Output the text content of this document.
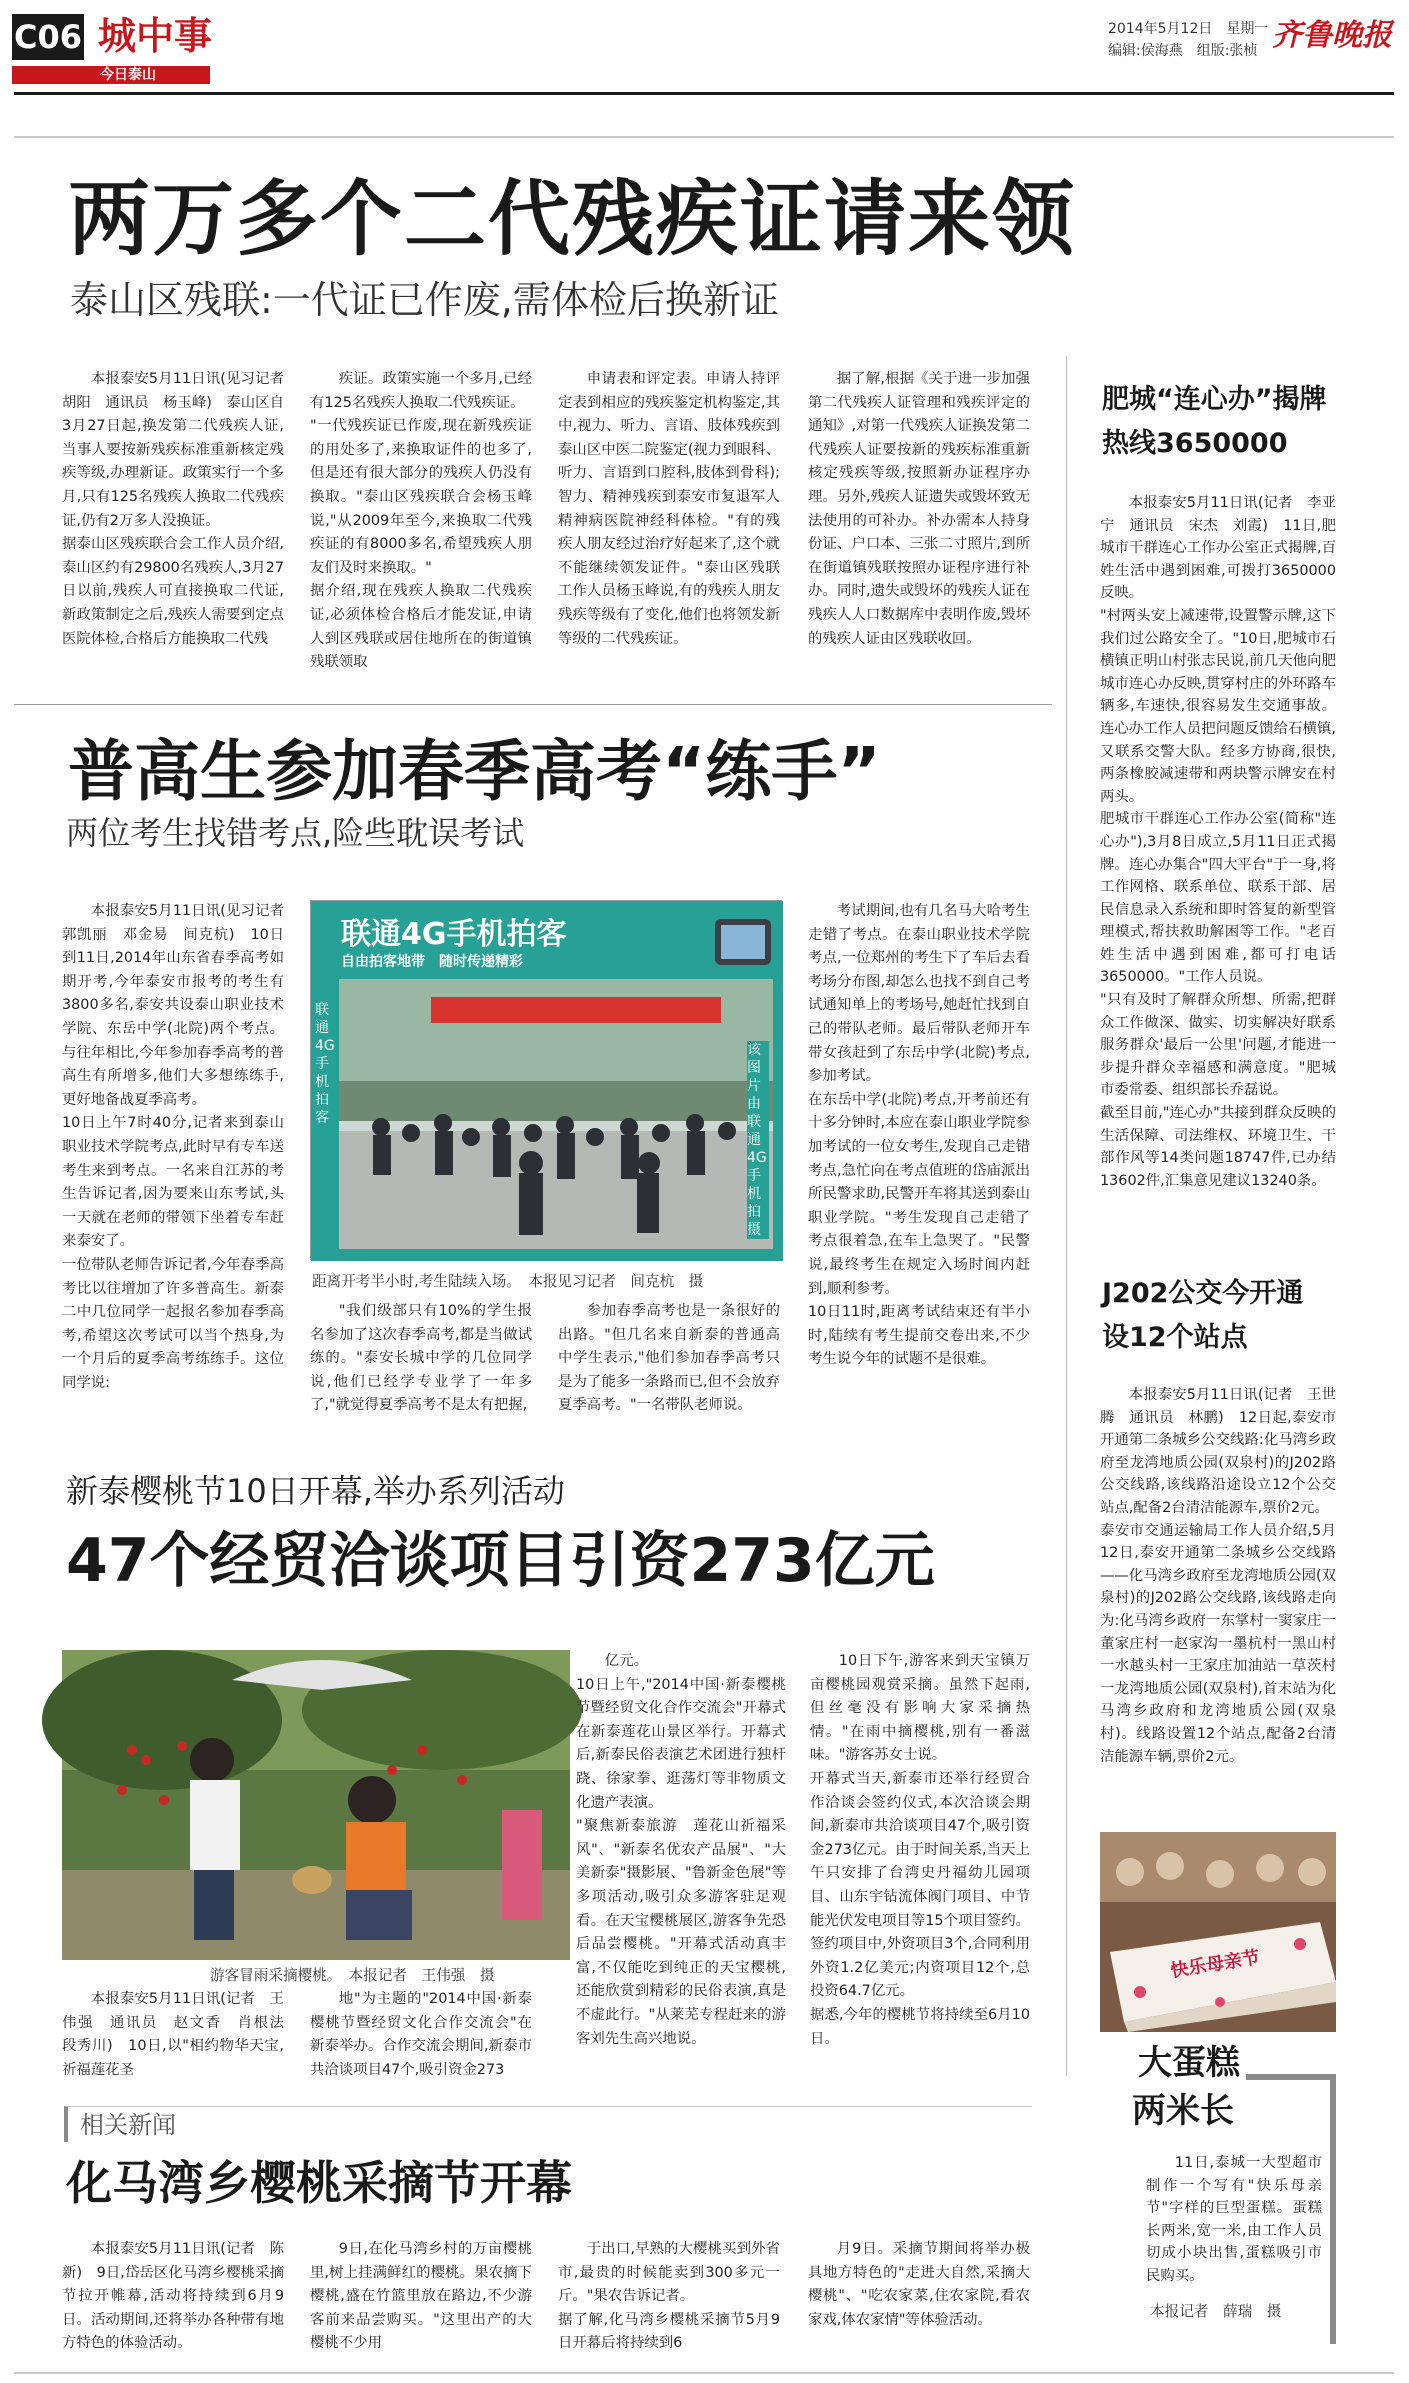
C06 城中事
今日泰山
2014年5月12日　星期一
编辑:侯海燕　组版:张桢 齐鲁晚报
两万多个二代残疾证请来领
泰山区残联:一代证已作废,需体检后换新证
本报泰安5月11日讯(见习记者　胡阳　通讯员　杨玉峰)　泰山区自3月27日起,换发第二代残疾人证,当事人要按新残疾标准重新核定残疾等级,办理新证。政策实行一个多月,只有125名残疾人换取二代残疾证,仍有2万多人没换证。
据泰山区残疾联合会工作人员介绍,泰山区约有29800名残疾人,3月27日以前,残疾人可直接换取二代证,新政策制定之后,残疾人需要到定点医院体检,合格后方能换取二代残
疾证。政策实施一个多月,已经有125名残疾人换取二代残疾证。
"一代残疾证已作废,现在新残疾证的用处多了,来换取证件的也多了,但是还有很大部分的残疾人仍没有换取。"泰山区残疾联合会杨玉峰说,"从2009年至今,来换取二代残疾证的有8000多名,希望残疾人朋友们及时来换取。"
据介绍,现在残疾人换取二代残疾证,必须体检合格后才能发证,申请人到区残联或居住地所在的街道镇残联领取
申请表和评定表。申请人持评定表到相应的残疾鉴定机构鉴定,其中,视力、听力、言语、肢体残疾到泰山区中医二院鉴定(视力到眼科、听力、言语到口腔科,肢体到骨科);智力、精神残疾到泰安市复退军人精神病医院神经科体检。"有的残疾人朋友经过治疗好起来了,这个就不能继续领发证件。"泰山区残联工作人员杨玉峰说,有的残疾人朋友残疾等级有了变化,他们也将领发新等级的二代残疾证。
据了解,根据《关于进一步加强第二代残疾人证管理和残疾评定的通知》,对第一代残疾人证换发第二代残疾人证要按新的残疾标准重新核定残疾等级,按照新办证程序办理。另外,残疾人证遗失或毁坏致无法使用的可补办。补办需本人持身份证、户口本、三张二寸照片,到所在街道镇残联按照办证程序进行补办。同时,遗失或毁坏的残疾人证在残疾人人口数据库中表明作废,毁坏的残疾人证由区残联收回。
普高生参加春季高考“练手”
两位考生找错考点,险些耽误考试
本报泰安5月11日讯(见习记者　郭凯丽　邓金易　间克杭)　10日到11日,2014年山东省春季高考如期开考,今年泰安市报考的考生有3800多名,泰安共设泰山职业技术学院、东岳中学(北院)两个考点。与往年相比,今年参加春季高考的普高生有所增多,他们大多想练练手,更好地备战夏季高考。
10日上午7时40分,记者来到泰山职业技术学院考点,此时早有专车送考生来到考点。一名来自江苏的考生告诉记者,因为要来山东考试,头一天就在老师的带领下坐着专车赶来泰安了。
一位带队老师告诉记者,今年春季高考比以往增加了许多普高生。新泰二中几位同学一起报名参加春季高考,希望这次考试可以当个热身,为一个月后的夏季高考练练手。这位同学说:
联通4G手机拍客
自由拍客地带　随时传递精彩
联通4G手机拍客
该图片由联通4G手机拍摄
距离开考半小时,考生陆续入场。　本报见习记者　间克杭　摄
"我们级部只有10%的学生报名参加了这次春季高考,都是当做试练的。"泰安长城中学的几位同学说,他们已经学专业学了一年多了,"就觉得夏季高考不是太有把握,
参加春季高考也是一条很好的出路。"但几名来自新泰的普通高中学生表示,"他们参加春季高考只是为了能多一条路而已,但不会放弃夏季高考。"一名带队老师说。
考试期间,也有几名马大哈考生走错了考点。在泰山职业技术学院考点,一位郑州的考生下了车后去看考场分布图,却怎么也找不到自己考试通知单上的考场号,她赶忙找到自己的带队老师。最后带队老师开车带女孩赶到了东岳中学(北院)考点,参加考试。
在东岳中学(北院)考点,开考前还有十多分钟时,本应在泰山职业学院参加考试的一位女考生,发现自己走错考点,急忙向在考点值班的岱庙派出所民警求助,民警开车将其送到泰山职业学院。"考生发现自己走错了考点很着急,在车上急哭了。"民警说,最终考生在规定入场时间内赶到,顺利参考。
10日11时,距离考试结束还有半小时,陆续有考生提前交卷出来,不少考生说今年的试题不是很难。
新泰樱桃节10日开幕,举办系列活动
47个经贸洽谈项目引资273亿元
游客冒雨采摘樱桃。　本报记者　王伟强　摄
本报泰安5月11日讯(记者　王伟强　通讯员　赵文香　肖根法　段秀川)　10日,以"相约物华天宝,祈福莲花圣
地"为主题的"2014中国·新泰樱桃节暨经贸文化合作交流会"在新泰举办。合作交流会期间,新泰市共洽谈项目47个,吸引资金273
亿元。
10日上午,"2014中国·新泰樱桃节暨经贸文化合作交流会"开幕式在新泰莲花山景区举行。开幕式后,新泰民俗表演艺术团进行独杆跷、徐家拳、逛荡灯等非物质文化遗产表演。
"聚焦新泰旅游　莲花山祈福采风"、"新泰名优农产品展"、"大美新泰"摄影展、"鲁新金色展"等多项活动,吸引众多游客驻足观看。在天宝樱桃展区,游客争先恐后品尝樱桃。"开幕式活动真丰富,不仅能吃到纯正的天宝樱桃,还能欣赏到精彩的民俗表演,真是不虚此行。"从莱芜专程赶来的游客刘先生高兴地说。
10日下午,游客来到天宝镇万亩樱桃园观赏采摘。虽然下起雨,但丝毫没有影响大家采摘热情。"在雨中摘樱桃,别有一番滋味。"游客苏女士说。
开幕式当天,新泰市还举行经贸合作洽谈会签约仪式,本次洽谈会期间,新泰市共洽谈项目47个,吸引资金273亿元。由于时间关系,当天上午只安排了台湾史丹福幼儿园项目、山东宇钻流体阀门项目、中节能光伏发电项目等15个项目签约。签约项目中,外资项目3个,合同利用外资1.2亿美元;内资项目12个,总投资64.7亿元。
据悉,今年的樱桃节将持续至6月10日。
相关新闻
化马湾乡樱桃采摘节开幕
本报泰安5月11日讯(记者　陈新)　9日,岱岳区化马湾乡樱桃采摘节拉开帷幕,活动将持续到6月9日。活动期间,还将举办各种带有地方特色的体验活动。
9日,在化马湾乡村的万亩樱桃里,树上挂满鲜红的樱桃。果农摘下樱桃,盛在竹篮里放在路边,不少游客前来品尝购买。"这里出产的大樱桃不少用
于出口,早熟的大樱桃买到外省市,最贵的时候能卖到300多元一斤。"果农告诉记者。
据了解,化马湾乡樱桃采摘节5月9日开幕后将持续到6
月9日。采摘节期间将举办极具地方特色的"走进大自然,采摘大樱桃"、"吃农家菜,住农家院,看农家戏,体农家情"等体验活动。
肥城“连心办”揭牌
热线3650000
本报泰安5月11日讯(记者　李亚宁　通讯员　宋杰　刘霞)　11日,肥城市干群连心工作办公室正式揭牌,百姓生活中遇到困难,可拨打3650000反映。
"村两头安上减速带,设置警示牌,这下我们过公路安全了。"10日,肥城市石横镇正明山村张志民说,前几天他向肥城市连心办反映,贯穿村庄的外环路车辆多,车速快,很容易发生交通事故。连心办工作人员把问题反馈给石横镇,又联系交警大队。经多方协商,很快,两条橡胶减速带和两块警示牌安在村两头。
肥城市干群连心工作办公室(简称"连心办"),3月8日成立,5月11日正式揭牌。连心办集合"四大平台"于一身,将工作网格、联系单位、联系干部、居民信息录入系统和即时答复的新型管理模式,帮扶救助解困等工作。"老百姓生活中遇到困难,都可打电话3650000。"工作人员说。
"只有及时了解群众所想、所需,把群众工作做深、做实、切实解决好联系服务群众'最后一公里'问题,才能进一步提升群众幸福感和满意度。"肥城市委常委、组织部长乔磊说。
截至目前,"连心办"共接到群众反映的生活保障、司法维权、环境卫生、干部作风等14类问题18747件,已办结13602件,汇集意见建议13240条。
J202公交今开通
设12个站点
本报泰安5月11日讯(记者　王世腾　通讯员　林鹏)　12日起,泰安市开通第二条城乡公交线路:化马湾乡政府至龙湾地质公园(双泉村)的J202路公交线路,该线路沿途设立12个公交站点,配备2台清洁能源车,票价2元。
泰安市交通运输局工作人员介绍,5月12日,泰安开通第二条城乡公交线路——化马湾乡政府至龙湾地质公园(双泉村)的J202路公交线路,该线路走向为:化马湾乡政府一东掌村一窦家庄一董家庄村一赵家沟一墨杭村一黑山村一水越头村一王家庄加油站一草茨村一龙湾地质公园(双泉村),首末站为化马湾乡政府和龙湾地质公园(双泉村)。线路设置12个站点,配备2台清洁能源车辆,票价2元。
快乐母亲节
大蛋糕
两米长
11日,泰城一大型超市制作一个写有"快乐母亲节"字样的巨型蛋糕。蛋糕长两米,宽一米,由工作人员切成小块出售,蛋糕吸引市民购买。
本报记者　薛瑞　摄
